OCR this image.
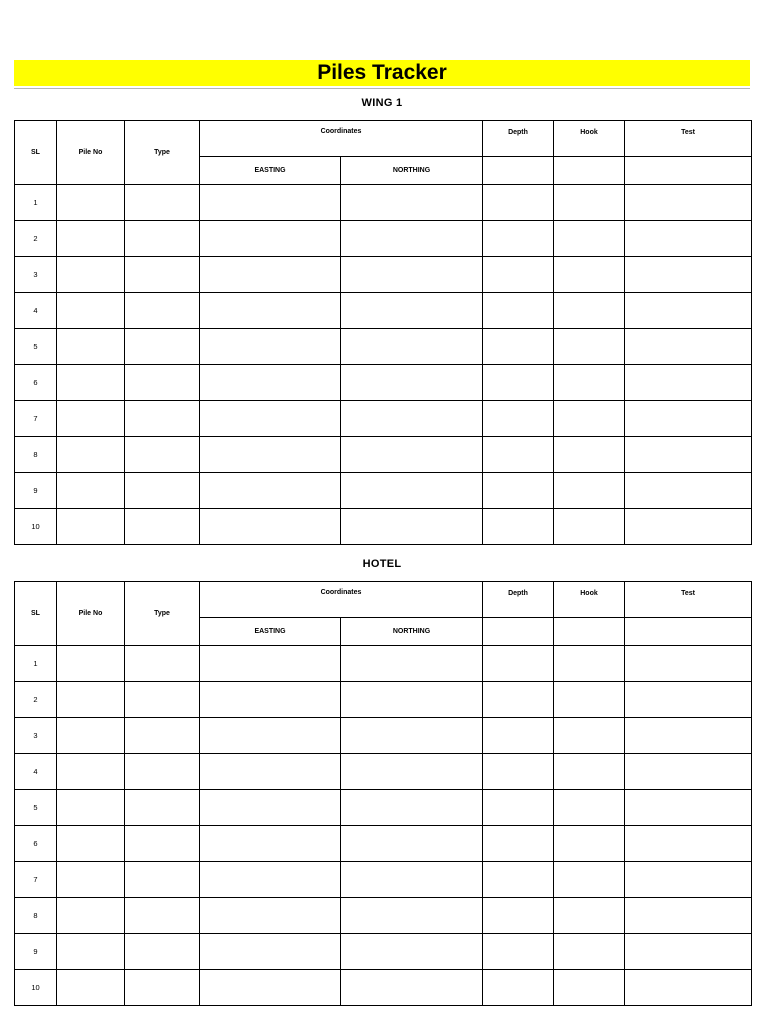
Piles Tracker
WING 1
SL	Pile No	Type	Coordinates		Depth	Hook	Test
			EASTING	NORTHING			
1							
2							
3							
4							
5							
6							
7							
8							
9							
10							
HOTEL
SL	Pile No	Type	Coordinates		Depth	Hook	Test
			EASTING	NORTHING			
1							
2							
3							
4							
5							
6							
7							
8							
9							
10							
